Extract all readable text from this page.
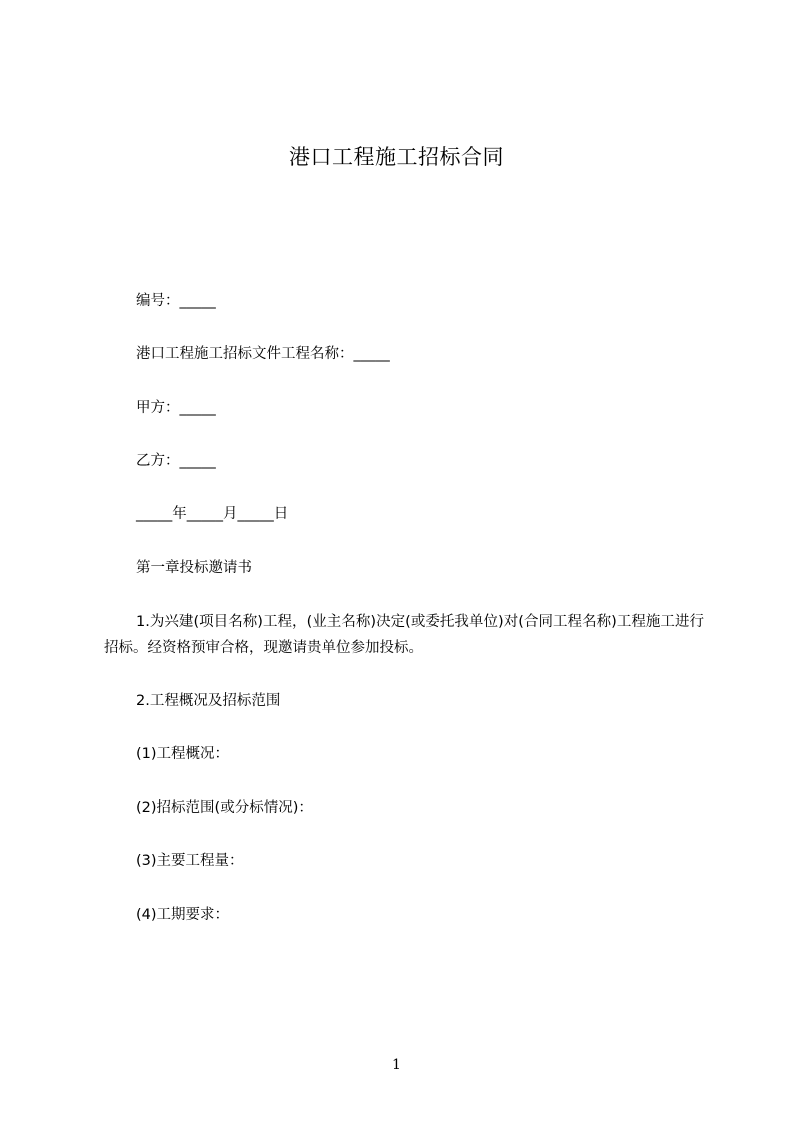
港口工程施工招标合同
编号：_____
港口工程施工招标文件工程名称：_____
甲方：_____
乙方：_____
_____年_____月_____日
第一章投标邀请书
1.为兴建(项目名称)工程，(业主名称)决定(或委托我单位)对(合同工程名称)工程施工进行招标。经资格预审合格，现邀请贵单位参加投标。
2.工程概况及招标范围
(1)工程概况：
(2)招标范围(或分标情况)：
(3)主要工程量：
(4)工期要求：
1
